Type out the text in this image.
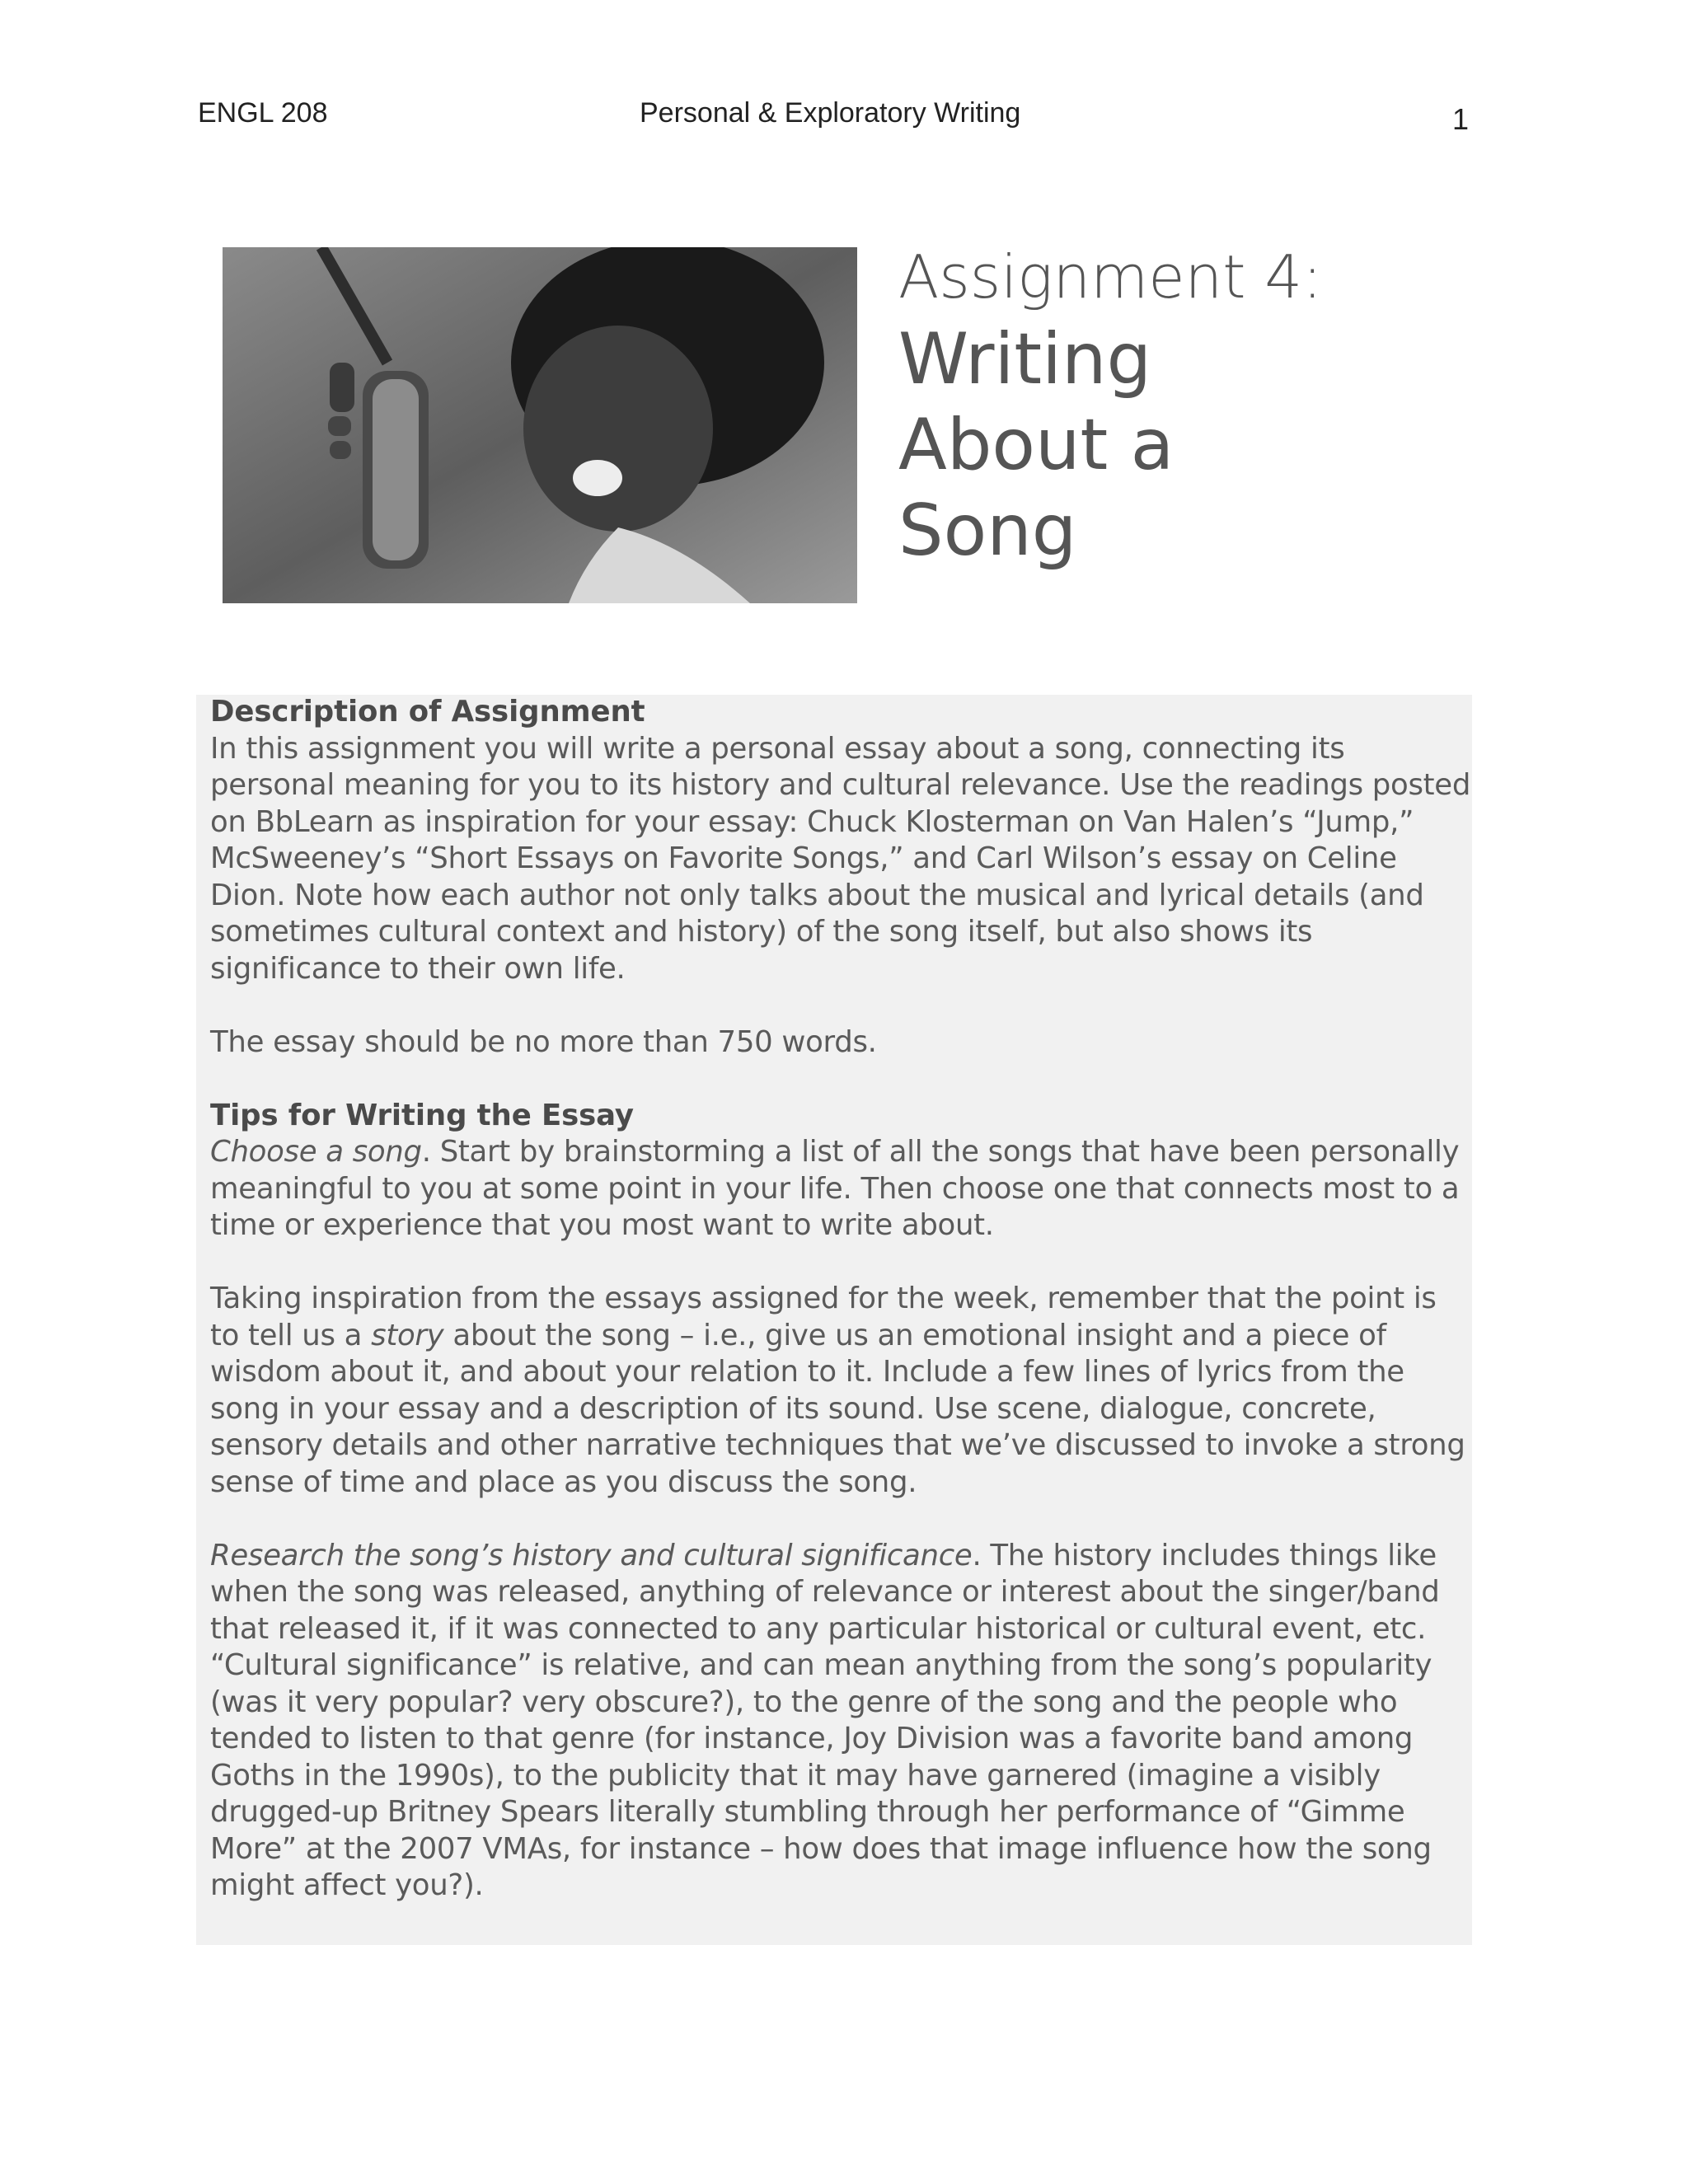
ENGL 208	Personal & Exploratory Writing	1
Assignment 4:
Writing
About a
Song

Description of Assignment

In this assignment you will write a personal essay about a song, connecting its personal meaning for you to its history and cultural relevance. Use the readings posted on BbLearn as inspiration for your essay: Chuck Klosterman on Van Halen’s “Jump,” McSweeney’s “Short Essays on Favorite Songs,” and Carl Wilson’s essay on Celine Dion. Note how each author not only talks about the musical and lyrical details (and sometimes cultural context and history) of the song itself, but also shows its significance to their own life.

The essay should be no more than 750 words.

Tips for Writing the Essay

Choose a song. Start by brainstorming a list of all the songs that have been personally meaningful to you at some point in your life. Then choose one that connects most to a time or experience that you most want to write about.

Taking inspiration from the essays assigned for the week, remember that the point is to tell us a story about the song – i.e., give us an emotional insight and a piece of wisdom about it, and about your relation to it. Include a few lines of lyrics from the song in your essay and a description of its sound. Use scene, dialogue, concrete, sensory details and other narrative techniques that we’ve discussed to invoke a strong sense of time and place as you discuss the song.

Research the song’s history and cultural significance. The history includes things like when the song was released, anything of relevance or interest about the singer/band that released it, if it was connected to any particular historical or cultural event, etc. “Cultural significance” is relative, and can mean anything from the song’s popularity (was it very popular? very obscure?), to the genre of the song and the people who tended to listen to that genre (for instance, Joy Division was a favorite band among Goths in the 1990s), to the publicity that it may have garnered (imagine a visibly drugged-up Britney Spears literally stumbling through her performance of “Gimme More” at the 2007 VMAs, for instance – how does that image influence how the song might affect you?).
